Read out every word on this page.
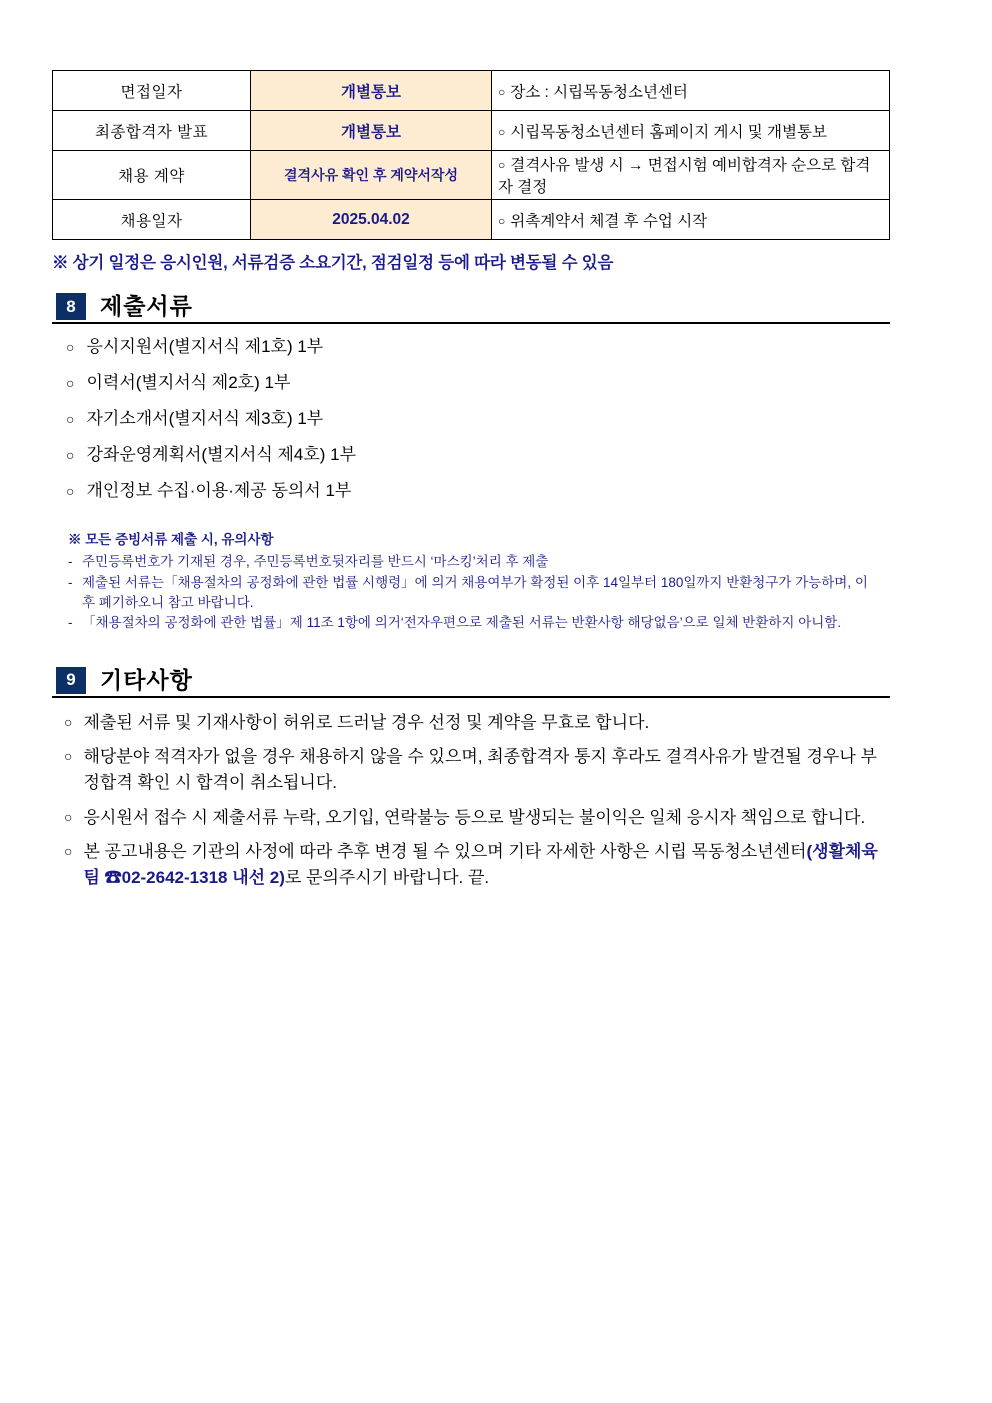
면접일자	개별통보	○ 장소 : 시립목동청소년센터
최종합격자 발표	개별통보	○ 시립목동청소년센터 홈페이지 게시 및 개별통보
채용 계약	결격사유 확인 후 계약서작성	○ 결격사유 발생 시 → 면접시험 예비합격자 순으로 합격자 결정
채용일자	2025.04.02	○ 위촉계약서 체결 후 수업 시작
※ 상기 일정은 응시인원, 서류검증 소요기간, 점검일정 등에 따라 변동될 수 있음
8	제출서류
○ 응시지원서(별지서식 제1호) 1부
○ 이력서(별지서식 제2호) 1부
○ 자기소개서(별지서식 제3호) 1부
○ 강좌운영계획서(별지서식 제4호) 1부
○ 개인정보 수집·이용·제공 동의서 1부
※ 모든 증빙서류 제출 시, 유의사항
- 주민등록번호가 기재된 경우, 주민등록번호뒷자리를 반드시 ‘마스킹’처리 후 제출
- 제출된 서류는「채용절차의 공정화에 관한 법률 시행령」에 의거 채용여부가 확정된 이후 14일부터 180일까지 반환청구가 가능하며, 이후 폐기하오니 참고 바랍니다.
- 「채용절차의 공정화에 관한 법률」제 11조 1항에 의거‘전자우편으로 제출된 서류는 반환사항 해당없음’으로 일체 반환하지 아니함.
9	기타사항
○ 제출된 서류 및 기재사항이 허위로 드러날 경우 선정 및 계약을 무효로 합니다.
○ 해당분야 적격자가 없을 경우 채용하지 않을 수 있으며, 최종합격자 통지 후라도 결격사유가 발견될 경우나 부정합격 확인 시 합격이 취소됩니다.
○ 응시원서 접수 시 제출서류 누락, 오기입, 연락불능 등으로 발생되는 불이익은 일체 응시자 책임으로 합니다.
○ 본 공고내용은 기관의 사정에 따라 추후 변경 될 수 있으며 기타 자세한 사항은 시립 목동청소년센터(생활체육팀 ☎02-2642-1318 내선 2)로 문의주시기 바랍니다. 끝.
